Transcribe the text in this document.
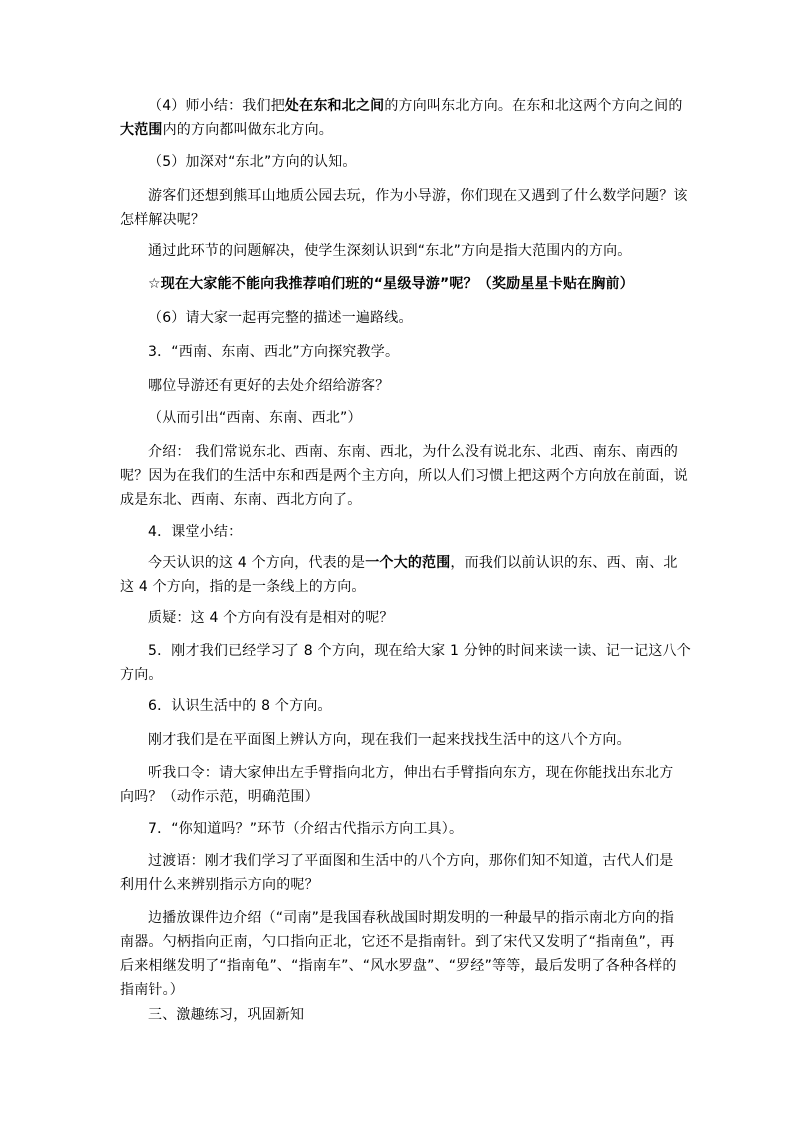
（4）师小结：我们把处在东和北之间的方向叫东北方向。在东和北这两个方向之间的
大范围内的方向都叫做东北方向。
（5）加深对“东北”方向的认知。
游客们还想到熊耳山地质公园去玩，作为小导游，你们现在又遇到了什么数学问题？该
怎样解决呢？
通过此环节的问题解决，使学生深刻认识到“东北”方向是指大范围内的方向。
☆现在大家能不能向我推荐咱们班的“星级导游”呢？（奖励星星卡贴在胸前）
（6）请大家一起再完整的描述一遍路线。
3．“西南、东南、西北”方向探究教学。
哪位导游还有更好的去处介绍给游客？
（从而引出“西南、东南、西北”）
介绍： 我们常说东北、西南、东南、西北，为什么没有说北东、北西、南东、南西的
呢？因为在我们的生活中东和西是两个主方向，所以人们习惯上把这两个方向放在前面，说
成是东北、西南、东南、西北方向了。
4．课堂小结：
今天认识的这 4 个方向，代表的是一个大的范围，而我们以前认识的东、西、南、北
这 4 个方向，指的是一条线上的方向。
质疑：这 4 个方向有没有是相对的呢？
5．刚才我们已经学习了 8 个方向，现在给大家 1 分钟的时间来读一读、记一记这八个
方向。
6．认识生活中的 8 个方向。
刚才我们是在平面图上辨认方向，现在我们一起来找找生活中的这八个方向。
听我口令：请大家伸出左手臂指向北方，伸出右手臂指向东方，现在你能找出东北方
向吗？（动作示范，明确范围）
7．“你知道吗？”环节（介绍古代指示方向工具）。
过渡语：刚才我们学习了平面图和生活中的八个方向，那你们知不知道，古代人们是
利用什么来辨别指示方向的呢？
边播放课件边介绍（“司南”是我国春秋战国时期发明的一种最早的指示南北方向的指
南器。勺柄指向正南，勺口指向正北，它还不是指南针。到了宋代又发明了“指南鱼”，再
后来相继发明了“指南龟”、“指南车”、“风水罗盘”、“罗经”等等，最后发明了各种各样的
指南针。）
三、激趣练习，巩固新知
